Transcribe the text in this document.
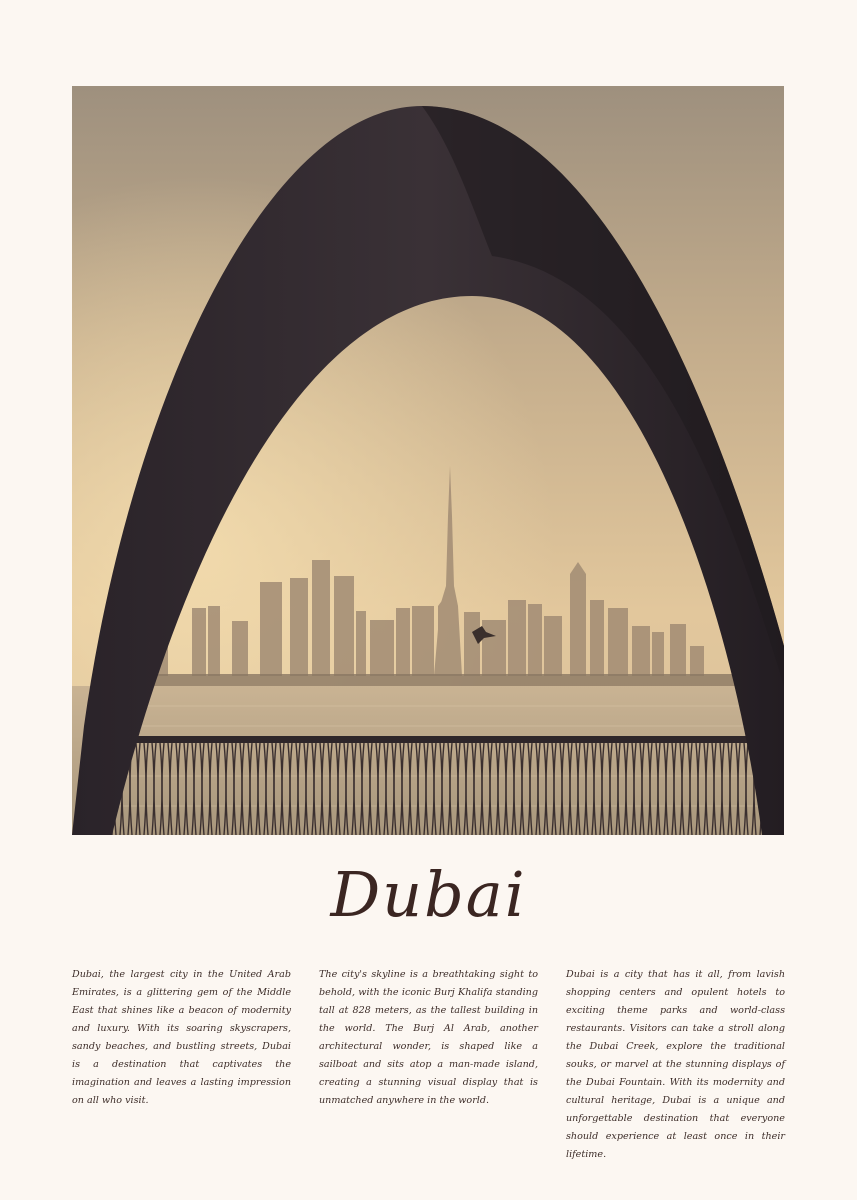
Dubai

Dubai, the largest city in the United Arab Emirates, is a glittering gem of the Middle East that shines like a beacon of modernity and luxury. With its soaring skyscrapers, sandy beaches, and bustling streets, Dubai is a destination that captivates the imagination and leaves a lasting impression on all who visit.

The city's skyline is a breathtaking sight to behold, with the iconic Burj Khalifa standing tall at 828 meters, as the tallest building in the world. The Burj Al Arab, another architectural wonder, is shaped like a sailboat and sits atop a man-made island, creating a stunning visual display that is unmatched anywhere in the world.

Dubai is a city that has it all, from lavish shopping centers and opulent hotels to exciting theme parks and world-class restaurants. Visitors can take a stroll along the Dubai Creek, explore the traditional souks, or marvel at the stunning displays of the Dubai Fountain. With its modernity and cultural heritage, Dubai is a unique and unforgettable destination that everyone should experience at least once in their lifetime.
